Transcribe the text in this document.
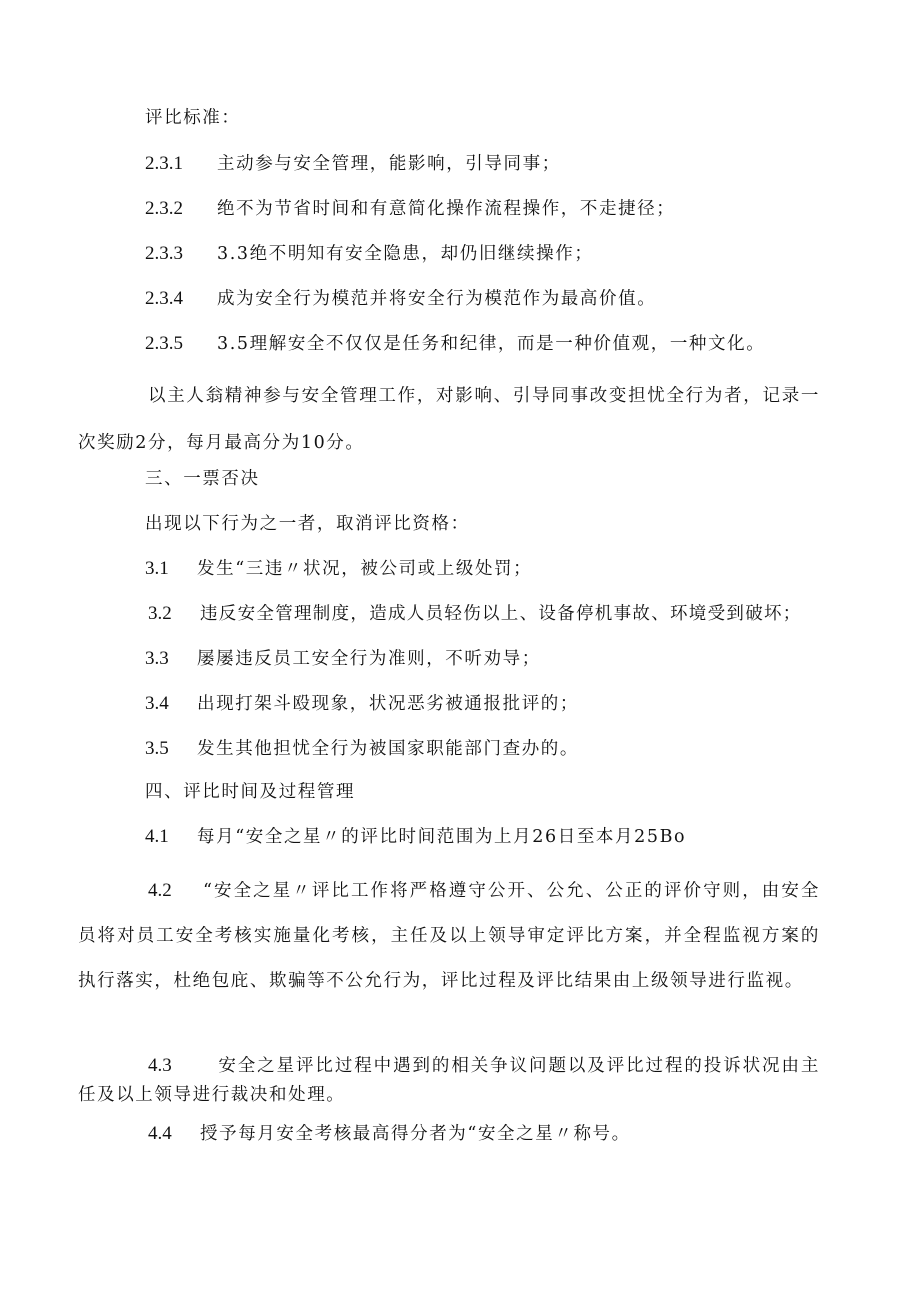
评比标准：
2.3.1 主动参与安全管理，能影响，引导同事；
2.3.2 绝不为节省时间和有意简化操作流程操作，不走捷径；
2.3.3 3.3绝不明知有安全隐患，却仍旧继续操作；
2.3.4 成为安全行为模范并将安全行为模范作为最高价值。
2.3.5 3.5理解安全不仅仅是任务和纪律，而是一种价值观，一种文化。
以主人翁精神参与安全管理工作，对影响、引导同事改变担忧全行为者，记录一次奖励2分，每月最高分为10分。
三、一票否决
出现以下行为之一者，取消评比资格：
3.1 发生“三违〃状况，被公司或上级处罚；
3.2 违反安全管理制度，造成人员轻伤以上、设备停机事故、环境受到破坏；
3.3 屡屡违反员工安全行为准则，不听劝导；
3.4 出现打架斗殴现象，状况恶劣被通报批评的；
3.5 发生其他担忧全行为被国家职能部门查办的。
四、评比时间及过程管理
4.1 每月“安全之星〃的评比时间范围为上月26日至本月25Bo
4.2 “安全之星〃评比工作将严格遵守公开、公允、公正的评价守则，由安全员将对员工安全考核实施量化考核，主任及以上领导审定评比方案，并全程监视方案的执行落实，杜绝包庇、欺骗等不公允行为，评比过程及评比结果由上级领导进行监视。
4.3	安全之星评比过程中遇到的相关争议问题以及评比过程的投诉状况由主任及以上领导进行裁决和处理。
4.4 授予每月安全考核最高得分者为“安全之星〃称号。
